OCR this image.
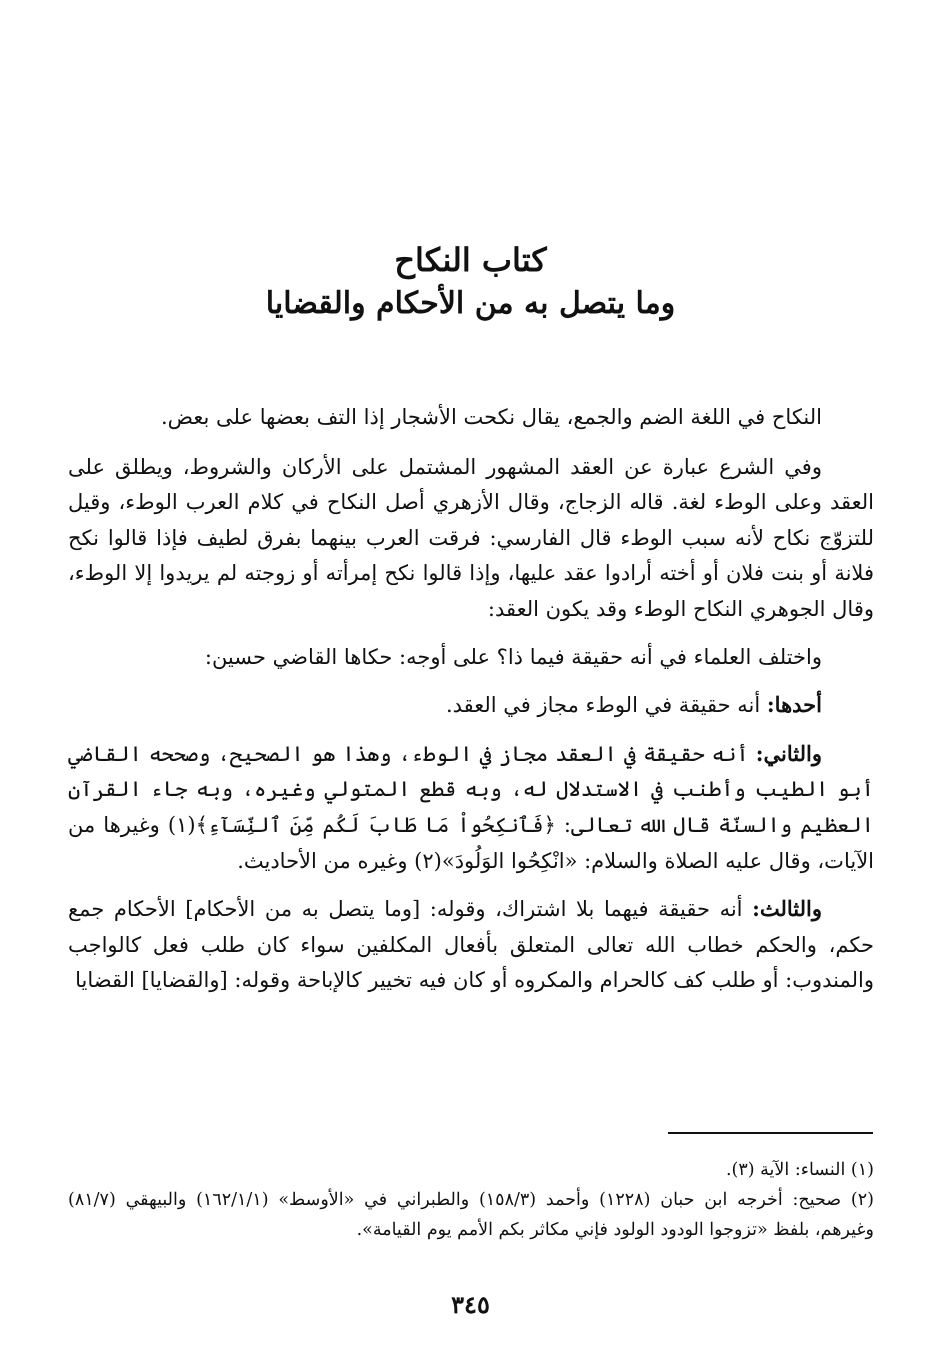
كتاب النكاح
وما يتصل به من الأحكام والقضايا

النكاح في اللغة الضم والجمع، يقال نكحت الأشجار إذا التف بعضها على بعض.

وفي الشرع عبارة عن العقد المشهور المشتمل على الأركان والشروط، ويطلق على العقد وعلى الوطء لغة. قاله الزجاج، وقال الأزهري أصل النكاح في كلام العرب الوطء، وقيل للتزوّج نكاح لأنه سبب الوطء قال الفارسي: فرقت العرب بينهما بفرق لطيف فإذا قالوا نكح فلانة أو بنت فلان أو أخته أرادوا عقد عليها، وإذا قالوا نكح إمرأته أو زوجته لم يريدوا إلا الوطء، وقال الجوهري النكاح الوطء وقد يكون العقد:

واختلف العلماء في أنه حقيقة فيما ذا؟ على أوجه: حكاها القاضي حسين:

أحدها: أنه حقيقة في الوطء مجاز في العقد.

والثاني: أنه حقيقة في العقد مجاز في الوطء، وهذا هو الصحيح، وصححه القاضي أبو الطيب وأطنب في الاستدلال له، وبه قطع المتولي وغيره، وبه جاء القرآن العظيم والسنّة قال الله تعالى: ﴿فَٱنكِحُواْ مَا طَابَ لَكُم مِّنَ ٱلنِّسَآءِ﴾(١) وغيرها من الآيات، وقال عليه الصلاة والسلام: «انْكِحُوا الوَلُودَ»(٢) وغيره من الأحاديث.

والثالث: أنه حقيقة فيهما بلا اشتراك، وقوله: [وما يتصل به من الأحكام] الأحكام جمع حكم، والحكم خطاب الله تعالى المتعلق بأفعال المكلفين سواء كان طلب فعل كالواجب والمندوب: أو طلب كف كالحرام والمكروه أو كان فيه تخيير كالإباحة وقوله: [والقضايا] القضايا

(١) النساء: الآية (٣).
(٢) صحيح: أخرجه ابن حبان (١٢٢٨) وأحمد (١٥٨/٣) والطبراني في «الأوسط» (١٦٢/١/١) والبيهقي (٨١/٧) وغيرهم، بلفظ «تزوجوا الودود الولود فإني مكاثر بكم الأمم يوم القيامة».
٣٤٥
